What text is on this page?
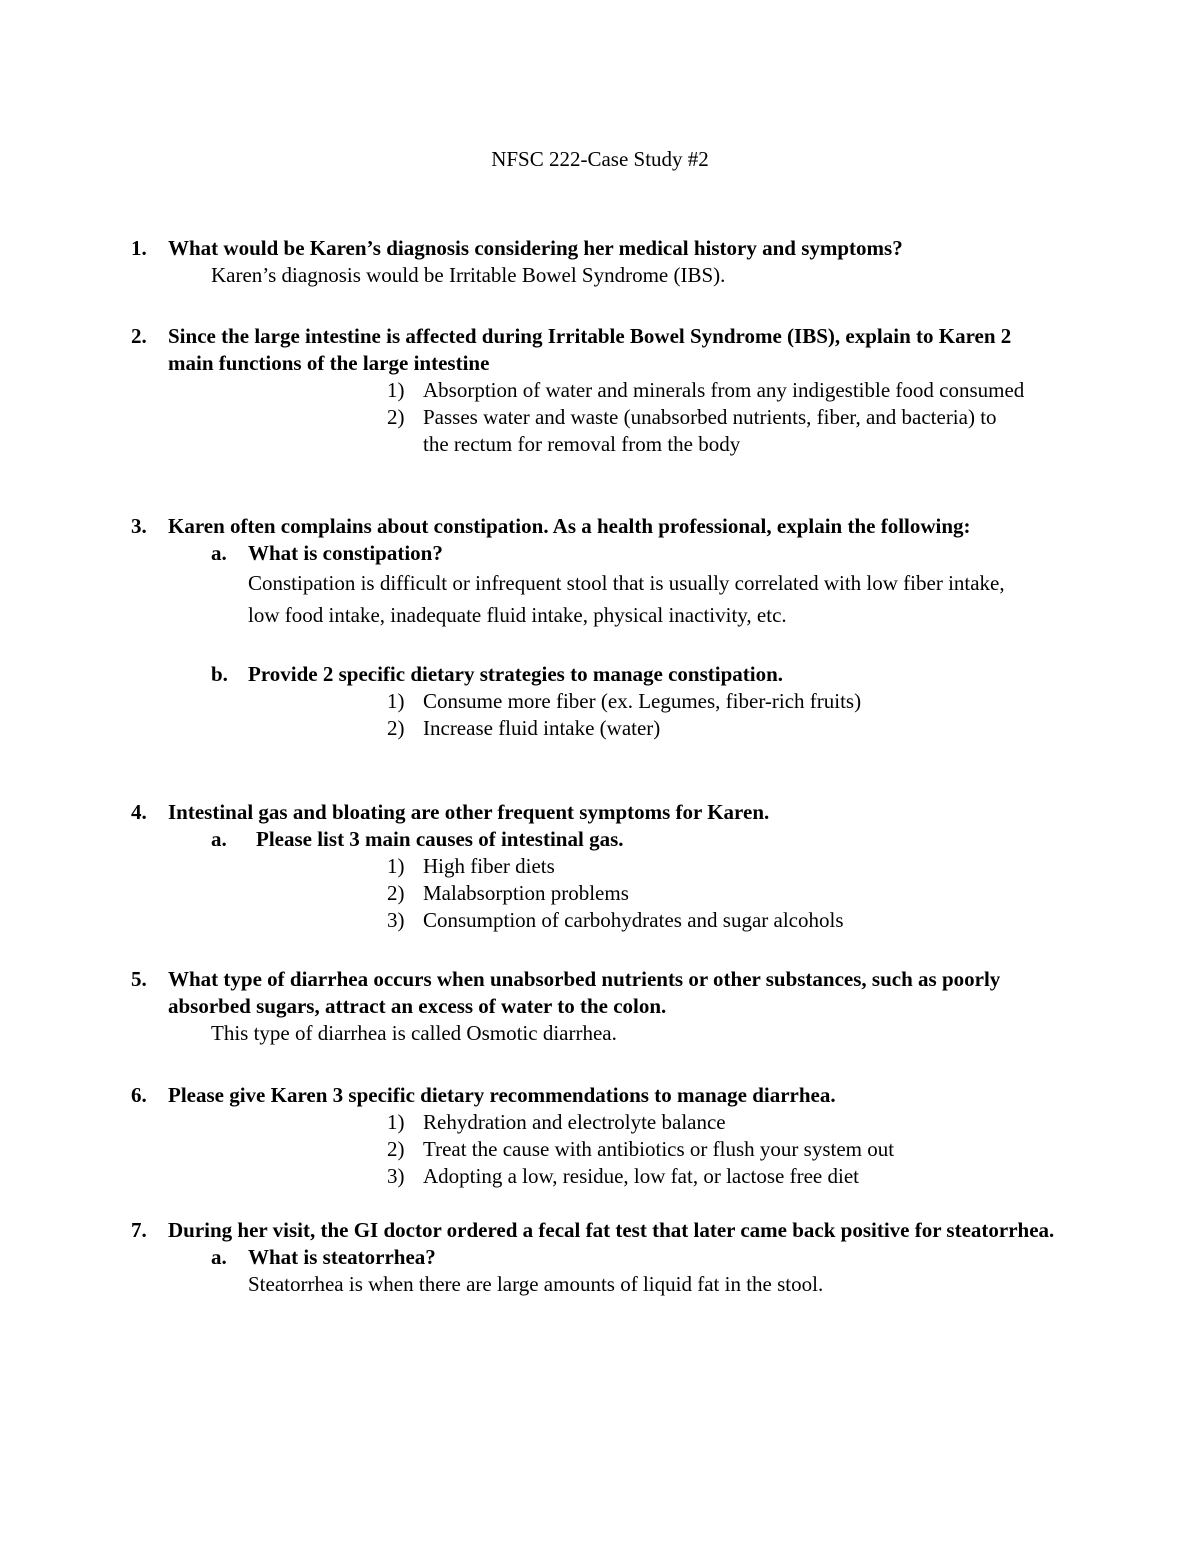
NFSC 222-Case Study #2
1.	What would be Karen’s diagnosis considering her medical history and symptoms?
Karen’s diagnosis would be Irritable Bowel Syndrome (IBS).
2.	Since the large intestine is affected during Irritable Bowel Syndrome (IBS), explain to Karen 2 main functions of the large intestine
1) Absorption of water and minerals from any indigestible food consumed
2) Passes water and waste (unabsorbed nutrients, fiber, and bacteria) to the rectum for removal from the body
3.	Karen often complains about constipation. As a health professional, explain the following:
a.	What is constipation?
Constipation is difficult or infrequent stool that is usually correlated with low fiber intake, low food intake, inadequate fluid intake, physical inactivity, etc.
b. Provide 2 specific dietary strategies to manage constipation.
1) Consume more fiber (ex. Legumes, fiber-rich fruits)
2) Increase fluid intake (water)
4.	Intestinal gas and bloating are other frequent symptoms for Karen.
a.	Please list 3 main causes of intestinal gas.
1) High fiber diets
2) Malabsorption problems
3) Consumption of carbohydrates and sugar alcohols
5.	What type of diarrhea occurs when unabsorbed nutrients or other substances, such as poorly absorbed sugars, attract an excess of water to the colon.
This type of diarrhea is called Osmotic diarrhea.
6.	Please give Karen 3 specific dietary recommendations to manage diarrhea.
1) Rehydration and electrolyte balance
2) Treat the cause with antibiotics or flush your system out
3) Adopting a low, residue, low fat, or lactose free diet
7.	During her visit, the GI doctor ordered a fecal fat test that later came back positive for steatorrhea.
a.	What is steatorrhea?
Steatorrhea is when there are large amounts of liquid fat in the stool.
